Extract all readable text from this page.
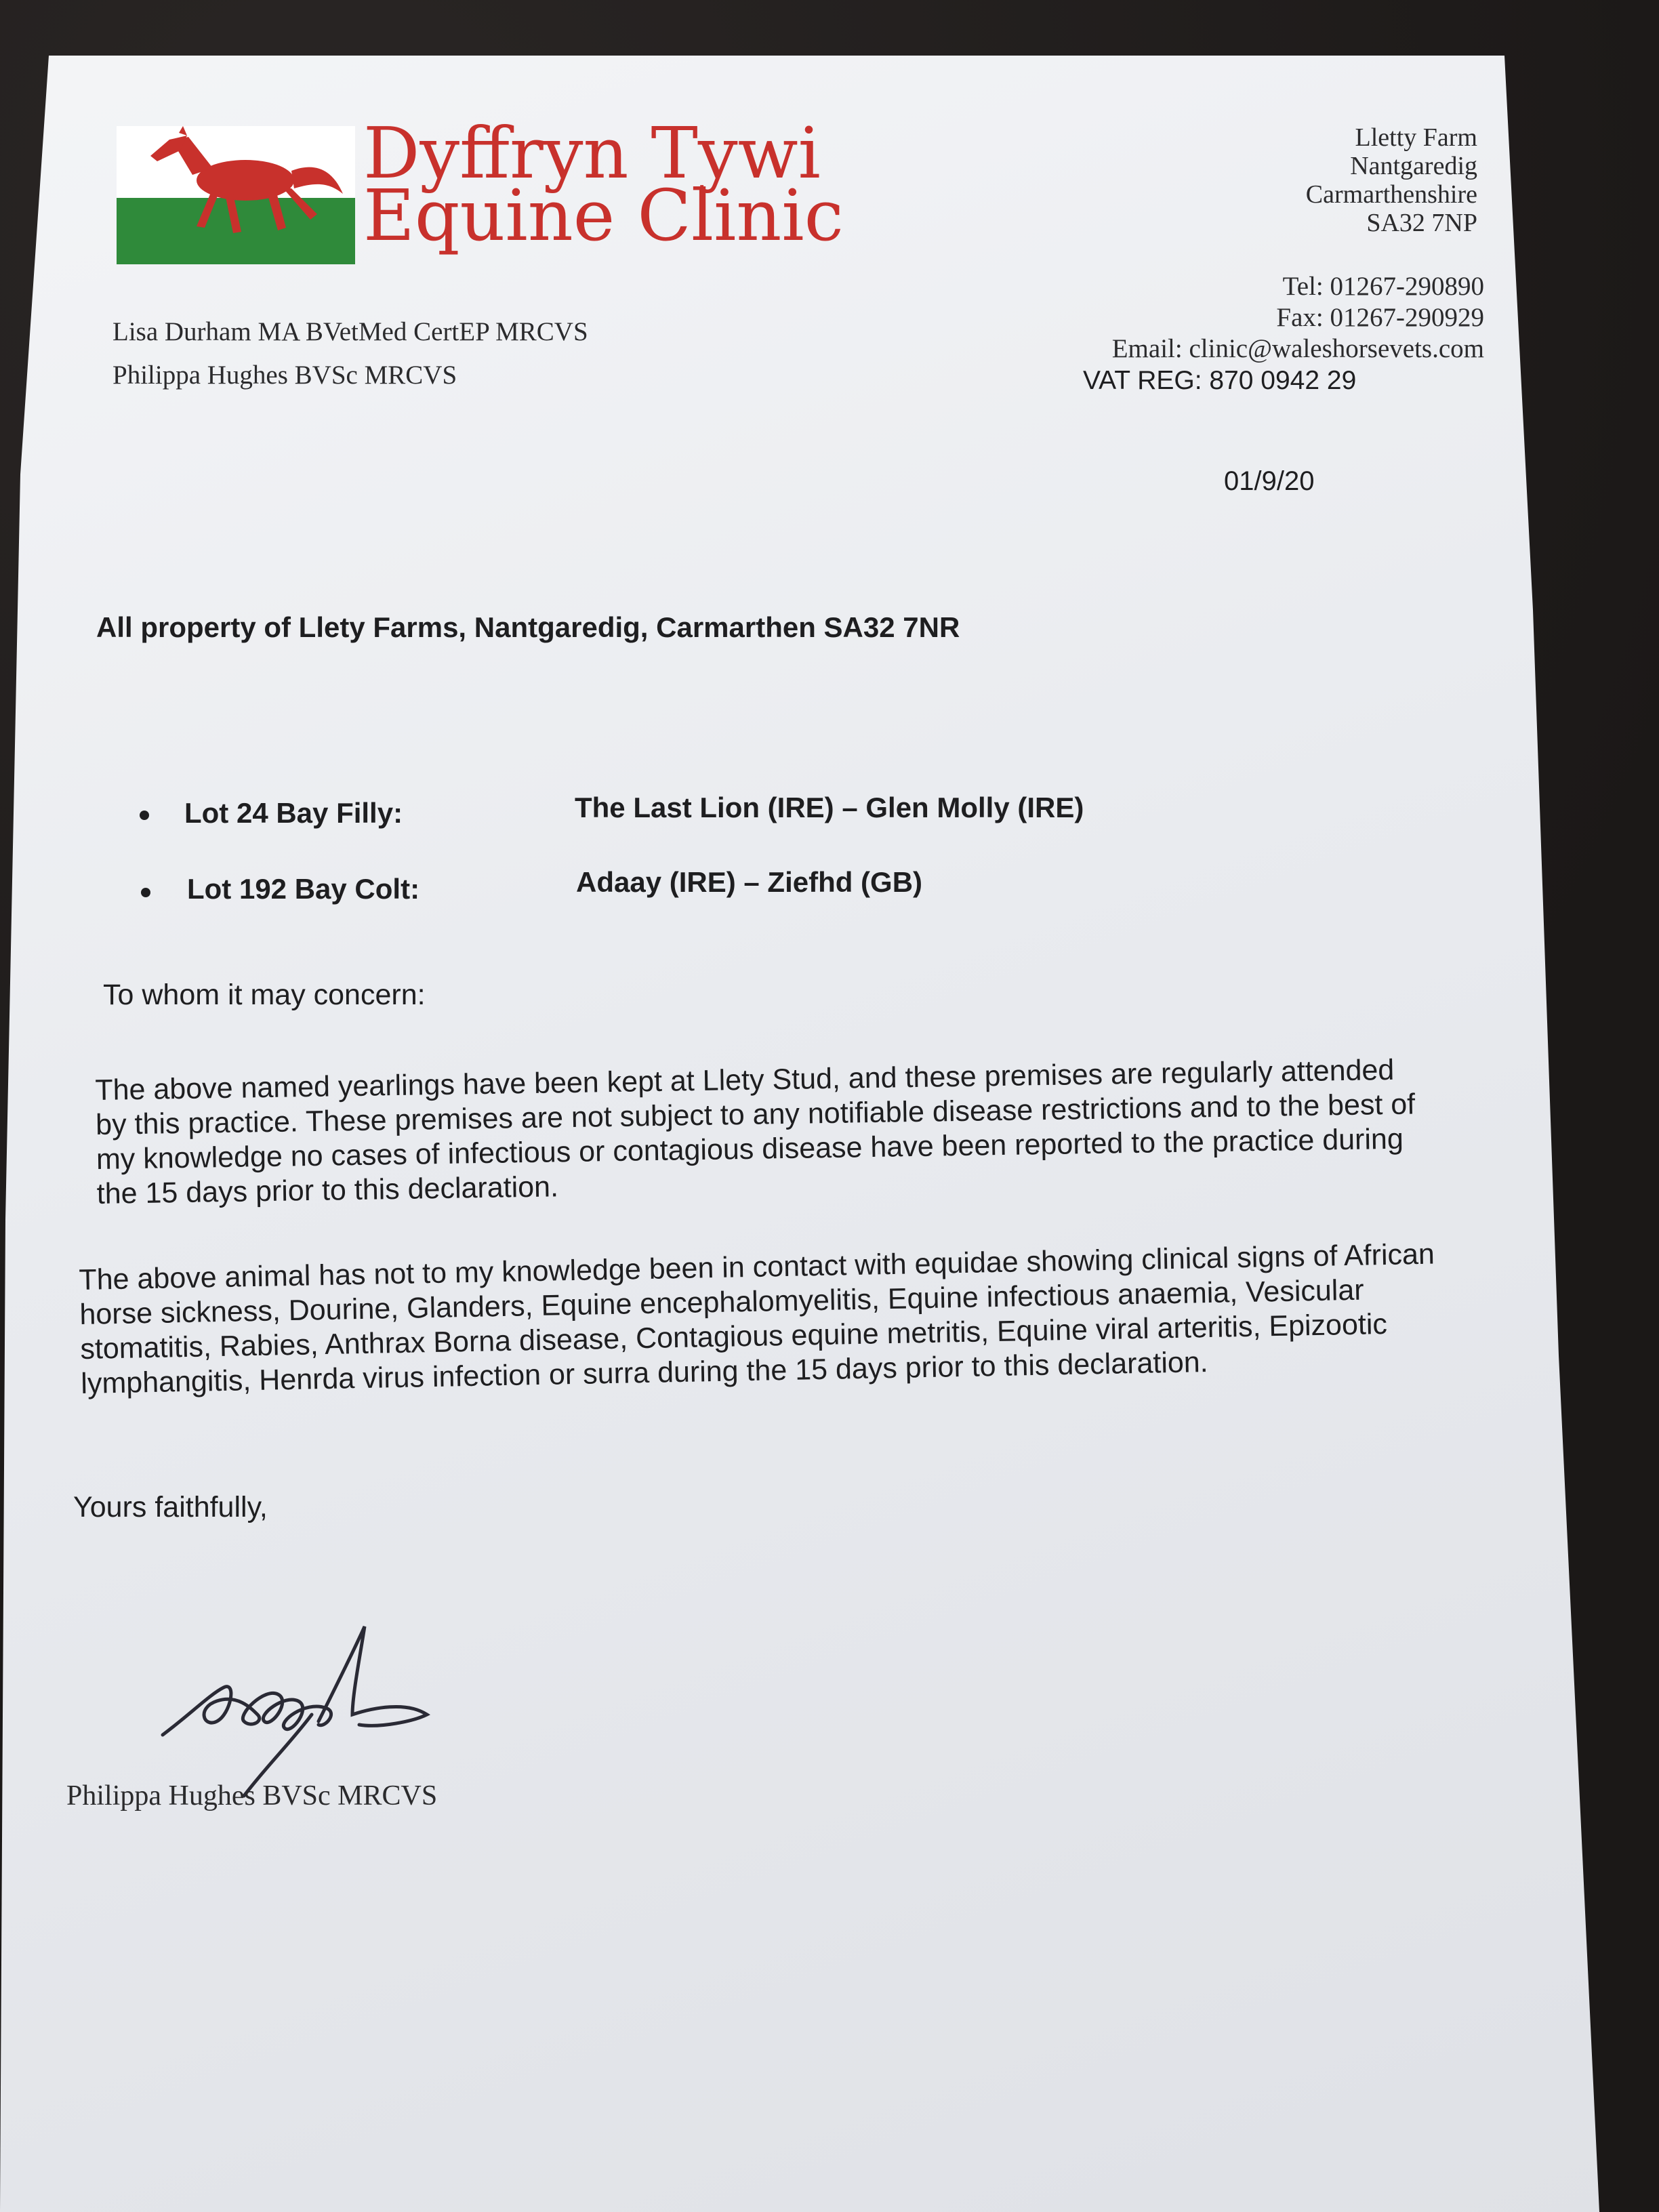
Dyffryn Tywi
Equine Clinic
Lletty Farm
Nantgaredig
Carmarthenshire
SA32 7NP
Tel: 01267-290890
Fax: 01267-290929
Email: clinic@waleshorsevets.com
VAT REG: 870 0942 29
Lisa Durham MA BVetMed CertEP MRCVS
Philippa Hughes BVSc MRCVS
01/9/20
All property of Llety Farms, Nantgaredig, Carmarthen SA32 7NR
Lot 24 Bay Filly:	The Last Lion (IRE) – Glen Molly (IRE)
Lot 192 Bay Colt:	Adaay (IRE) – Ziefhd (GB)
To whom it may concern:
The above named yearlings have been kept at Llety Stud, and these premises are regularly attended by this practice. These premises are not subject to any notifiable disease restrictions and to the best of my knowledge no cases of infectious or contagious disease have been reported to the practice during the 15 days prior to this declaration.
The above animal has not to my knowledge been in contact with equidae showing clinical signs of African horse sickness, Dourine, Glanders, Equine encephalomyelitis, Equine infectious anaemia, Vesicular stomatitis, Rabies, Anthrax Borna disease, Contagious equine metritis, Equine viral arteritis, Epizootic lymphangitis, Henrda virus infection or surra during the 15 days prior to this declaration.
Yours faithfully,
Philippa Hughes BVSc MRCVS
